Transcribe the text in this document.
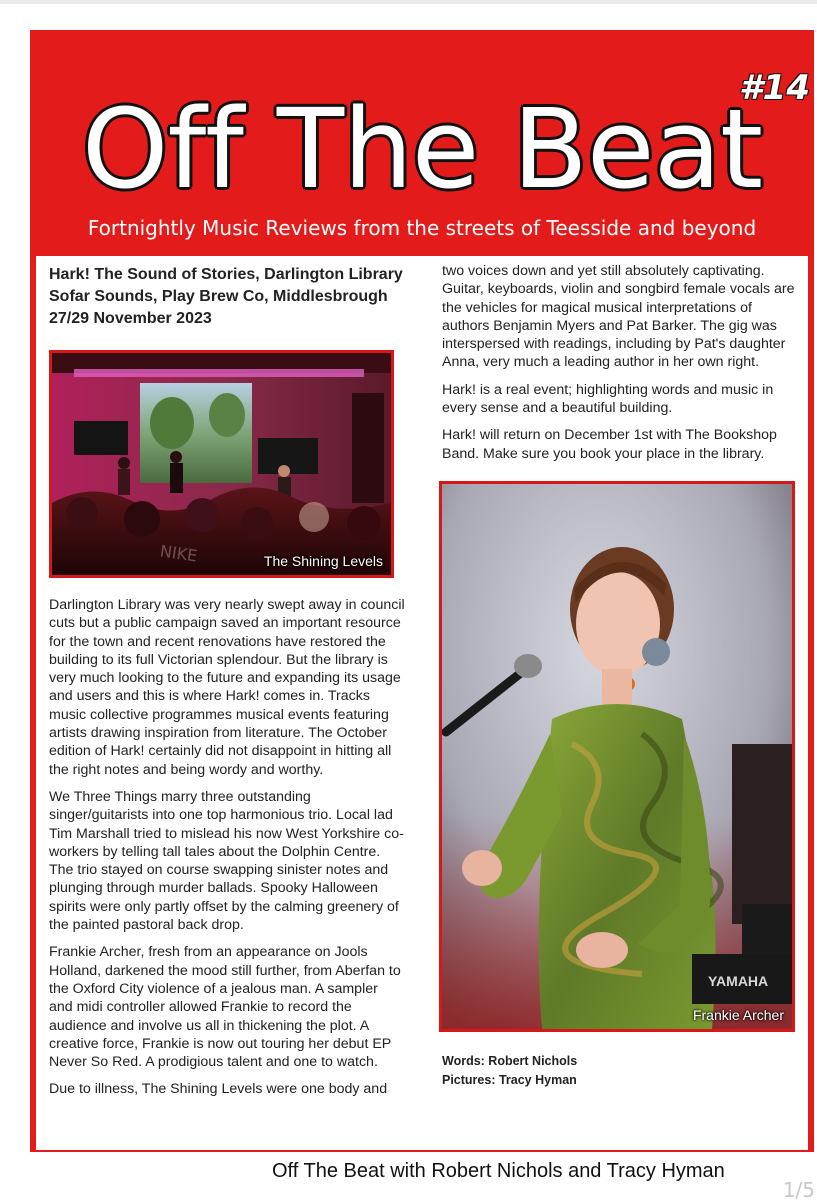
Off The Beat
#14
Fortnightly Music Reviews from the streets of Teesside and beyond

Hark! The Sound of Stories, Darlington Library
Sofar Sounds, Play Brew Co, Middlesbrough
27/29 November 2023

NIKE	The Shining Levels

Darlington Library was very nearly swept away in council cuts but a public campaign saved an important resource for the town and recent renovations have restored the building to its full Victorian splendour. But the library is very much looking to the future and expanding its usage and users and this is where Hark! comes in. Tracks music collective programmes musical events featuring artists drawing inspiration from literature. The October edition of Hark! certainly did not disappoint in hitting all the right notes and being wordy and worthy.

We Three Things marry three outstanding singer/guitarists into one top harmonious trio. Local lad Tim Marshall tried to mislead his now West Yorkshire co-workers by telling tall tales about the Dolphin Centre. The trio stayed on course swapping sinister notes and plunging through murder ballads. Spooky Halloween spirits were only partly offset by the calming greenery of the painted pastoral back drop.

Frankie Archer, fresh from an appearance on Jools Holland, darkened the mood still further, from Aberfan to the Oxford City violence of a jealous man. A sampler and midi controller allowed Frankie to record the audience and involve us all in thickening the plot. A creative force, Frankie is now out touring her debut EP Never So Red. A prodigious talent and one to watch.

Due to illness, The Shining Levels were one body and

two voices down and yet still absolutely captivating. Guitar, keyboards, violin and songbird female vocals are the vehicles for magical musical interpretations of authors Benjamin Myers and Pat Barker. The gig was interspersed with readings, including by Pat's daughter Anna, very much a leading author in her own right.

Hark! is a real event; highlighting words and music in every sense and a beautiful building.

Hark! will return on December 1st with The Bookshop Band. Make sure you book your place in the library.

YAMAHA
Frankie Archer
Words: Robert Nichols
Pictures: Tracy Hyman
Off The Beat with Robert Nichols and Tracy Hyman
1/5
